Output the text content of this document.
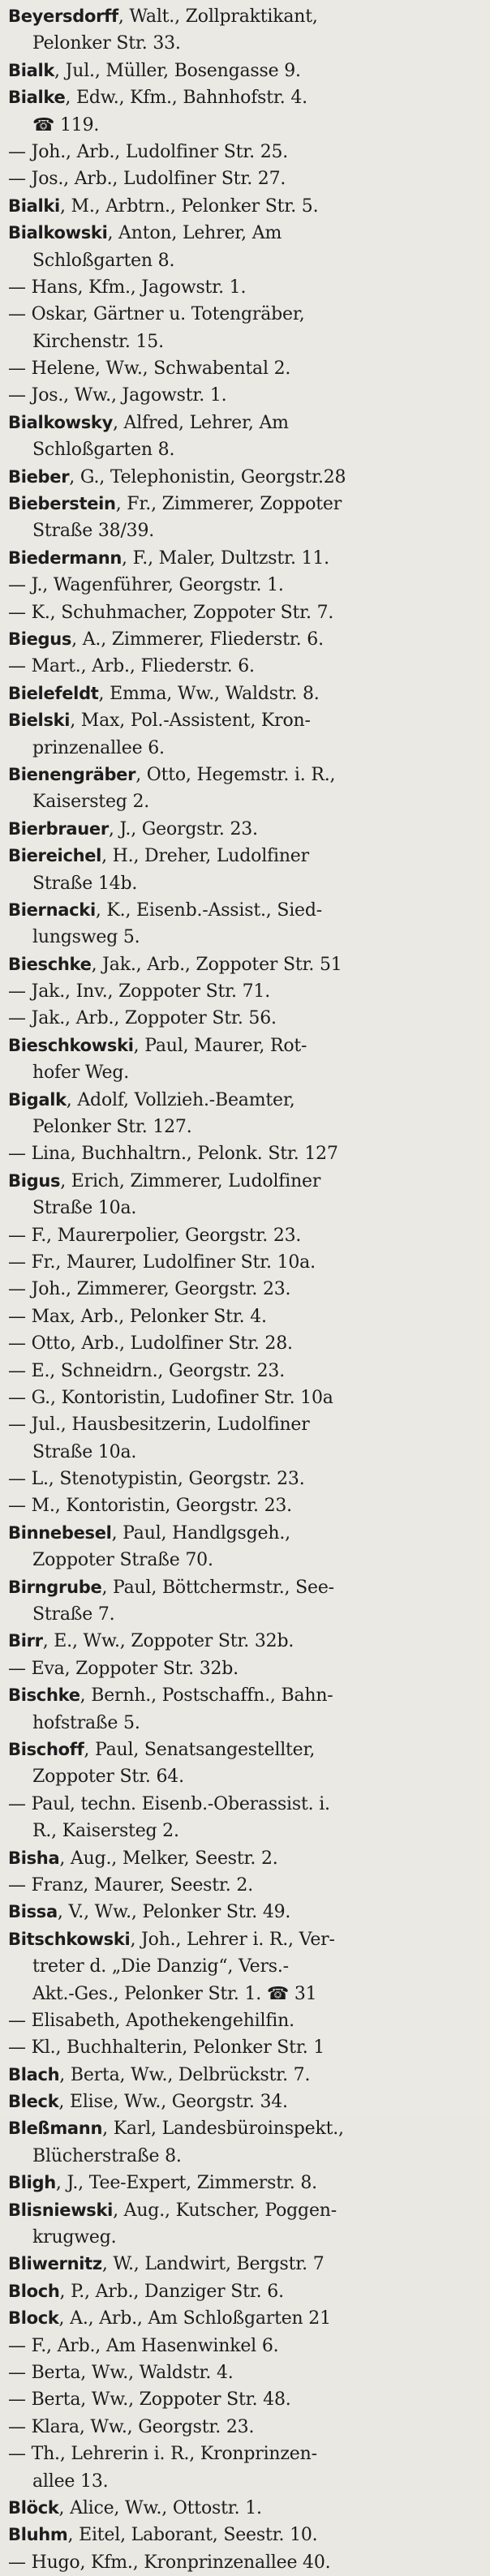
Beyersdorff, Walt., Zollpraktikant,
Pelonker Str. 33.
Bialk, Jul., Müller, Bosengasse 9.
Bialke, Edw., Kfm., Bahnhofstr. 4.
☎ 119.
— Joh., Arb., Ludolfiner Str. 25.
— Jos., Arb., Ludolfiner Str. 27.
Bialki, M., Arbtrn., Pelonker Str. 5.
Bialkowski, Anton, Lehrer, Am
Schloßgarten 8.
— Hans, Kfm., Jagowstr. 1.
— Oskar, Gärtner u. Totengräber,
Kirchenstr. 15.
— Helene, Ww., Schwabental 2.
— Jos., Ww., Jagowstr. 1.
Bialkowsky, Alfred, Lehrer, Am
Schloßgarten 8.
Bieber, G., Telephonistin, Georgstr.28
Bieberstein, Fr., Zimmerer, Zoppoter
Straße 38/39.
Biedermann, F., Maler, Dultzstr. 11.
— J., Wagenführer, Georgstr. 1.
— K., Schuhmacher, Zoppoter Str. 7.
Biegus, A., Zimmerer, Fliederstr. 6.
— Mart., Arb., Fliederstr. 6.
Bielefeldt, Emma, Ww., Waldstr. 8.
Bielski, Max, Pol.-Assistent, Kron-
prinzenallee 6.
Bienengräber, Otto, Hegemstr. i. R.,
Kaisersteg 2.
Bierbrauer, J., Georgstr. 23.
Biereichel, H., Dreher, Ludolfiner
Straße 14b.
Biernacki, K., Eisenb.-Assist., Sied-
lungsweg 5.
Bieschke, Jak., Arb., Zoppoter Str. 51
— Jak., Inv., Zoppoter Str. 71.
— Jak., Arb., Zoppoter Str. 56.
Bieschkowski, Paul, Maurer, Rot-
hofer Weg.
Bigalk, Adolf, Vollzieh.-Beamter,
Pelonker Str. 127.
— Lina, Buchhaltrn., Pelonk. Str. 127
Bigus, Erich, Zimmerer, Ludolfiner
Straße 10a.
— F., Maurerpolier, Georgstr. 23.
— Fr., Maurer, Ludolfiner Str. 10a.
— Joh., Zimmerer, Georgstr. 23.
— Max, Arb., Pelonker Str. 4.
— Otto, Arb., Ludolfiner Str. 28.
— E., Schneidrn., Georgstr. 23.
— G., Kontoristin, Ludofiner Str. 10a
— Jul., Hausbesitzerin, Ludolfiner
Straße 10a.
— L., Stenotypistin, Georgstr. 23.
— M., Kontoristin, Georgstr. 23.
Binnebesel, Paul, Handlgsgeh.,
Zoppoter Straße 70.
Birngrube, Paul, Böttchermstr., See-
Straße 7.
Birr, E., Ww., Zoppoter Str. 32b.
— Eva, Zoppoter Str. 32b.
Bischke, Bernh., Postschaffn., Bahn-
hofstraße 5.
Bischoff, Paul, Senatsangestellter,
Zoppoter Str. 64.
— Paul, techn. Eisenb.-Oberassist. i.
R., Kaisersteg 2.
Bisha, Aug., Melker, Seestr. 2.
— Franz, Maurer, Seestr. 2.
Bissa, V., Ww., Pelonker Str. 49.
Bitschkowski, Joh., Lehrer i. R., Ver-
treter d. „Die Danzig“, Vers.-
Akt.-Ges., Pelonker Str. 1. ☎ 31
— Elisabeth, Apothekengehilfin.
— Kl., Buchhalterin, Pelonker Str. 1
Blach, Berta, Ww., Delbrückstr. 7.
Bleck, Elise, Ww., Georgstr. 34.
Bleßmann, Karl, Landesbüroinspekt.,
Blücherstraße 8.
Bligh, J., Tee-Expert, Zimmerstr. 8.
Blisniewski, Aug., Kutscher, Poggen-
krugweg.
Bliwernitz, W., Landwirt, Bergstr. 7
Bloch, P., Arb., Danziger Str. 6.
Block, A., Arb., Am Schloßgarten 21
— F., Arb., Am Hasenwinkel 6.
— Berta, Ww., Waldstr. 4.
— Berta, Ww., Zoppoter Str. 48.
— Klara, Ww., Georgstr. 23.
— Th., Lehrerin i. R., Kronprinzen-
allee 13.
Blöck, Alice, Ww., Ottostr. 1.
Bluhm, Eitel, Laborant, Seestr. 10.
— Hugo, Kfm., Kronprinzenallee 40.
